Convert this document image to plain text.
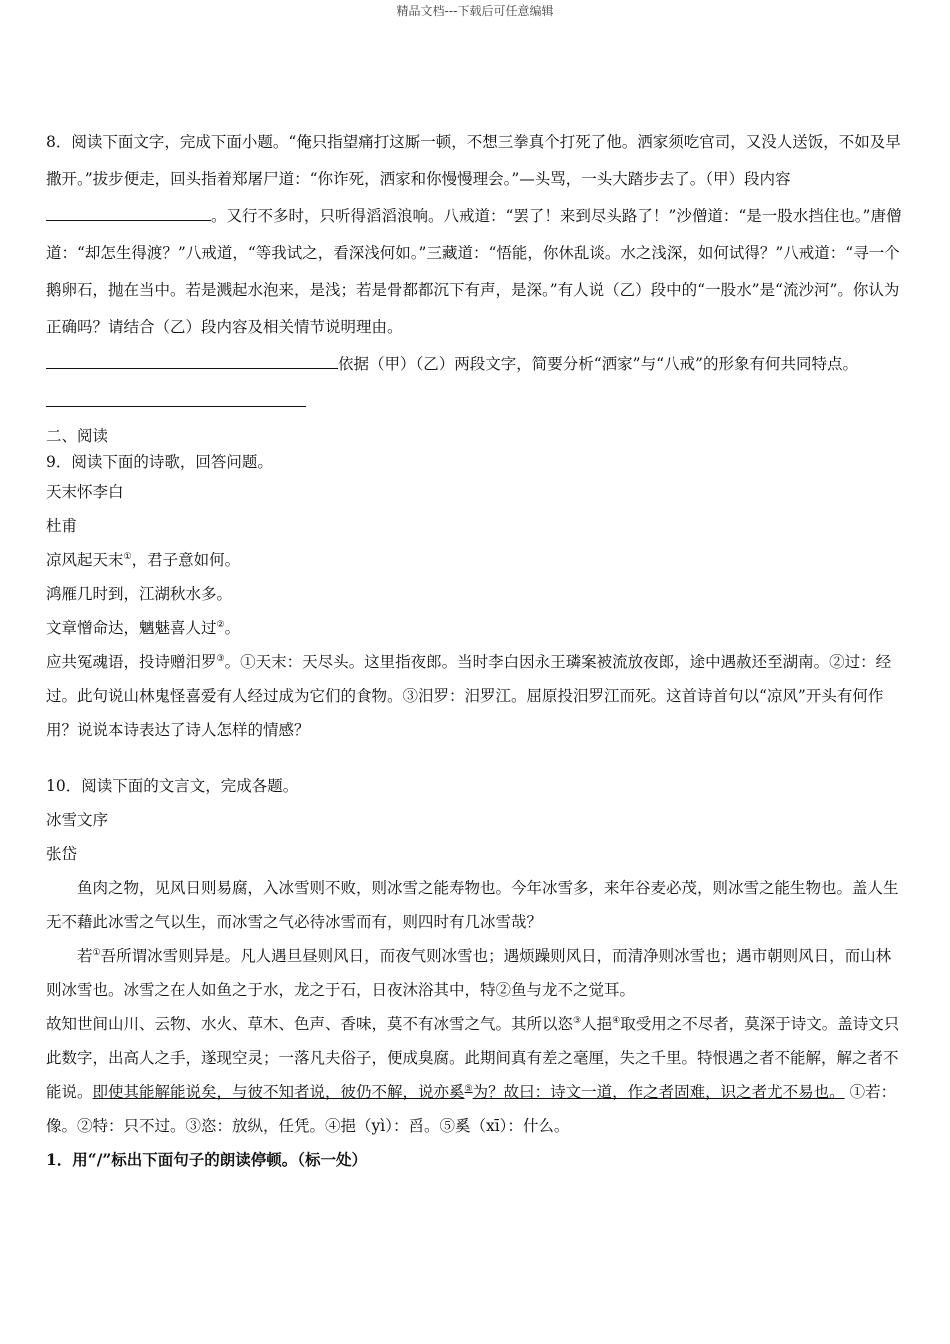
精品文档---下载后可任意编辑

8．阅读下面文字，完成下面小题。“俺只指望痛打这厮一顿，不想三拳真个打死了他。洒家须吃官司，又没人送饭，不如及早撒开。”拔步便走，回头指着郑屠尸道：“你诈死，洒家和你慢慢理会。”—头骂，一头大踏步去了。（甲）段内容。又行不多时，只听得滔滔浪响。八戒道：“罢了！来到尽头路了！”沙僧道：“是一股水挡住也。”唐僧道：“却怎生得渡？”八戒道，“等我试之，看深浅何如。”三藏道：“悟能，你休乱谈。水之浅深，如何试得？”八戒道：“寻一个鹅卵石，抛在当中。若是溅起水泡来，是浅；若是骨都都沉下有声，是深。”有人说（乙）段中的“一股水”是“流沙河”。你认为正确吗？请结合（乙）段内容及相关情节说明理由。

依据（甲）（乙）两段文字，简要分析“洒家”与“八戒”的形象有何共同特点。

二、阅读

9．阅读下面的诗歌，回答问题。

天末怀李白

杜甫

凉风起天末①，君子意如何。

鸿雁几时到，江湖秋水多。

文章憎命达，魑魅喜人过②。

应共冤魂语，投诗赠汨罗③。①天末：天尽头。这里指夜郎。当时李白因永王璘案被流放夜郎，途中遇赦还至湖南。②过：经过。此句说山林鬼怪喜爱有人经过成为它们的食物。③汨罗：汨罗江。屈原投汨罗江而死。这首诗首句以“凉风”开头有何作用？说说本诗表达了诗人怎样的情感？

10．阅读下面的文言文，完成各题。

冰雪文序

张岱

鱼肉之物，见风日则易腐，入冰雪则不败，则冰雪之能寿物也。今年冰雪多，来年谷麦必茂，则冰雪之能生物也。盖人生无不藉此冰雪之气以生，而冰雪之气必待冰雪而有，则四时有几冰雪哉？

若①吾所谓冰雪则异是。凡人遇旦昼则风日，而夜气则冰雪也；遇烦躁则风日，而清净则冰雪也；遇市朝则风日，而山林则冰雪也。冰雪之在人如鱼之于水，龙之于石，日夜沐浴其中，特②鱼与龙不之觉耳。

故知世间山川、云物、水火、草木、色声、香味，莫不有冰雪之气。其所以恣③人挹④取受用之不尽者，莫深于诗文。盖诗文只此数字，出高人之手，遂现空灵；一落凡夫俗子，便成臭腐。此期间真有差之毫厘，失之千里。特恨遇之者不能解，解之者不能说。即使其能解能说矣，与彼不知者说，彼仍不解，说亦奚⑤为？故曰：诗文一道，作之者固难，识之者尤不易也。 ①若：像。②特：只不过。③恣：放纵，任凭。④挹（yì）：舀。⑤奚（xī）：什么。

1．用“/”标出下面句子的朗读停顿。（标一处）
